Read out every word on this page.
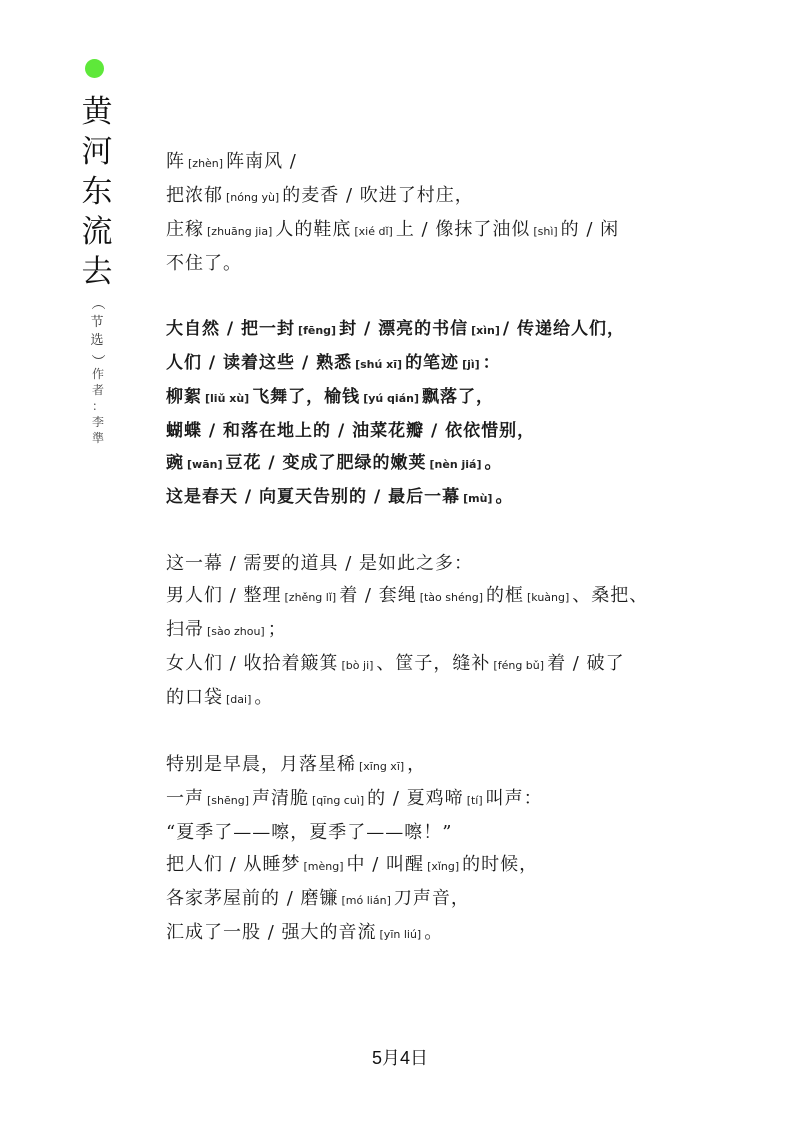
黄
河
东
流
去
（
节
选
）
作
者
：
李
準
阵 [zhèn] 阵南风 /
把浓郁 [nóng yù] 的麦香 / 吹进了村庄，
庄稼 [zhuāng jia] 人的鞋底 [xié dǐ] 上 / 像抹了油似 [shì] 的 / 闲
不住了。
大自然 / 把一封 [fēng] 封 / 漂亮的书信 [xìn] / 传递给人们，
人们 / 读着这些 / 熟悉 [shú xī] 的笔迹 [jì] ：
柳絮 [liǔ xù] 飞舞了，榆钱 [yú qián] 飘落了，
蝴蝶 / 和落在地上的 / 油菜花瓣 / 依依惜别，
豌 [wān] 豆花 / 变成了肥绿的嫩荚 [nèn jiá] 。
这是春天 / 向夏天告别的 / 最后一幕 [mù] 。
这一幕 / 需要的道具 / 是如此之多：
男人们 / 整理 [zhěng lǐ] 着 / 套绳 [tào shéng] 的框 [kuàng] 、桑把、
扫帚 [sào zhou] ；
女人们 / 收拾着簸箕 [bò ji] 、筐子，缝补 [féng bǔ] 着 / 破了
的口袋 [dai] 。
特别是早晨，月落星稀 [xīng xī] ，
一声 [shēng] 声清脆 [qīng cuì] 的 / 夏鸡啼 [tí] 叫声：
“夏季了——嚓，夏季了——嚓！”
把人们 / 从睡梦 [mèng] 中 / 叫醒 [xǐng] 的时候，
各家茅屋前的 / 磨镰 [mó lián] 刀声音，
汇成了一股 / 强大的音流 [yīn liú] 。
5月4日
